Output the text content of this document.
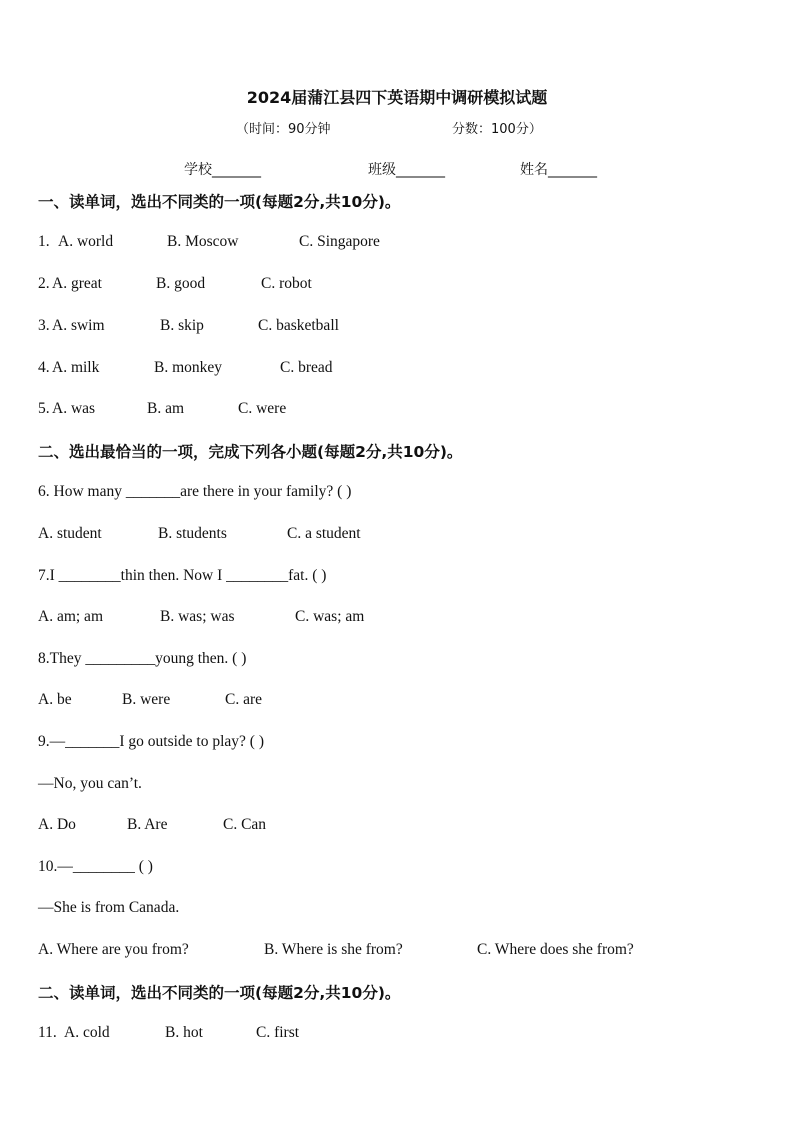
2024届蒲江县四下英语期中调研模拟试题
（时间：90分钟	分数：100分）
学校_______	班级_______	姓名_______
一、读单词，选出不同类的一项(每题2分,共10分)。
1. A. world	B. Moscow	C. Singapore
2. A. great	B. good	C. robot
3. A. swim	B. skip	C. basketball
4. A. milk	B. monkey	C. bread
5. A. was	B. am	C. were
二、选出最恰当的一项，完成下列各小题(每题2分,共10分)。
6. How many _______are there in your family? ( )
A. student	B. students	C. a student
7.I ________thin then. Now I ________fat. ( )
A. am; am	B. was; was	C. was; am
8.They _________young then. ( )
A. be	B. were	C. are
9.—_______I go outside to play? ( )
—No, you can’t.
A. Do	B. Are	C. Can
10.—________ ( )
—She is from Canada.
A. Where are you from?	B. Where is she from?	C. Where does she from?
二、读单词，选出不同类的一项(每题2分,共10分)。
11. A. cold	B. hot	C. first
